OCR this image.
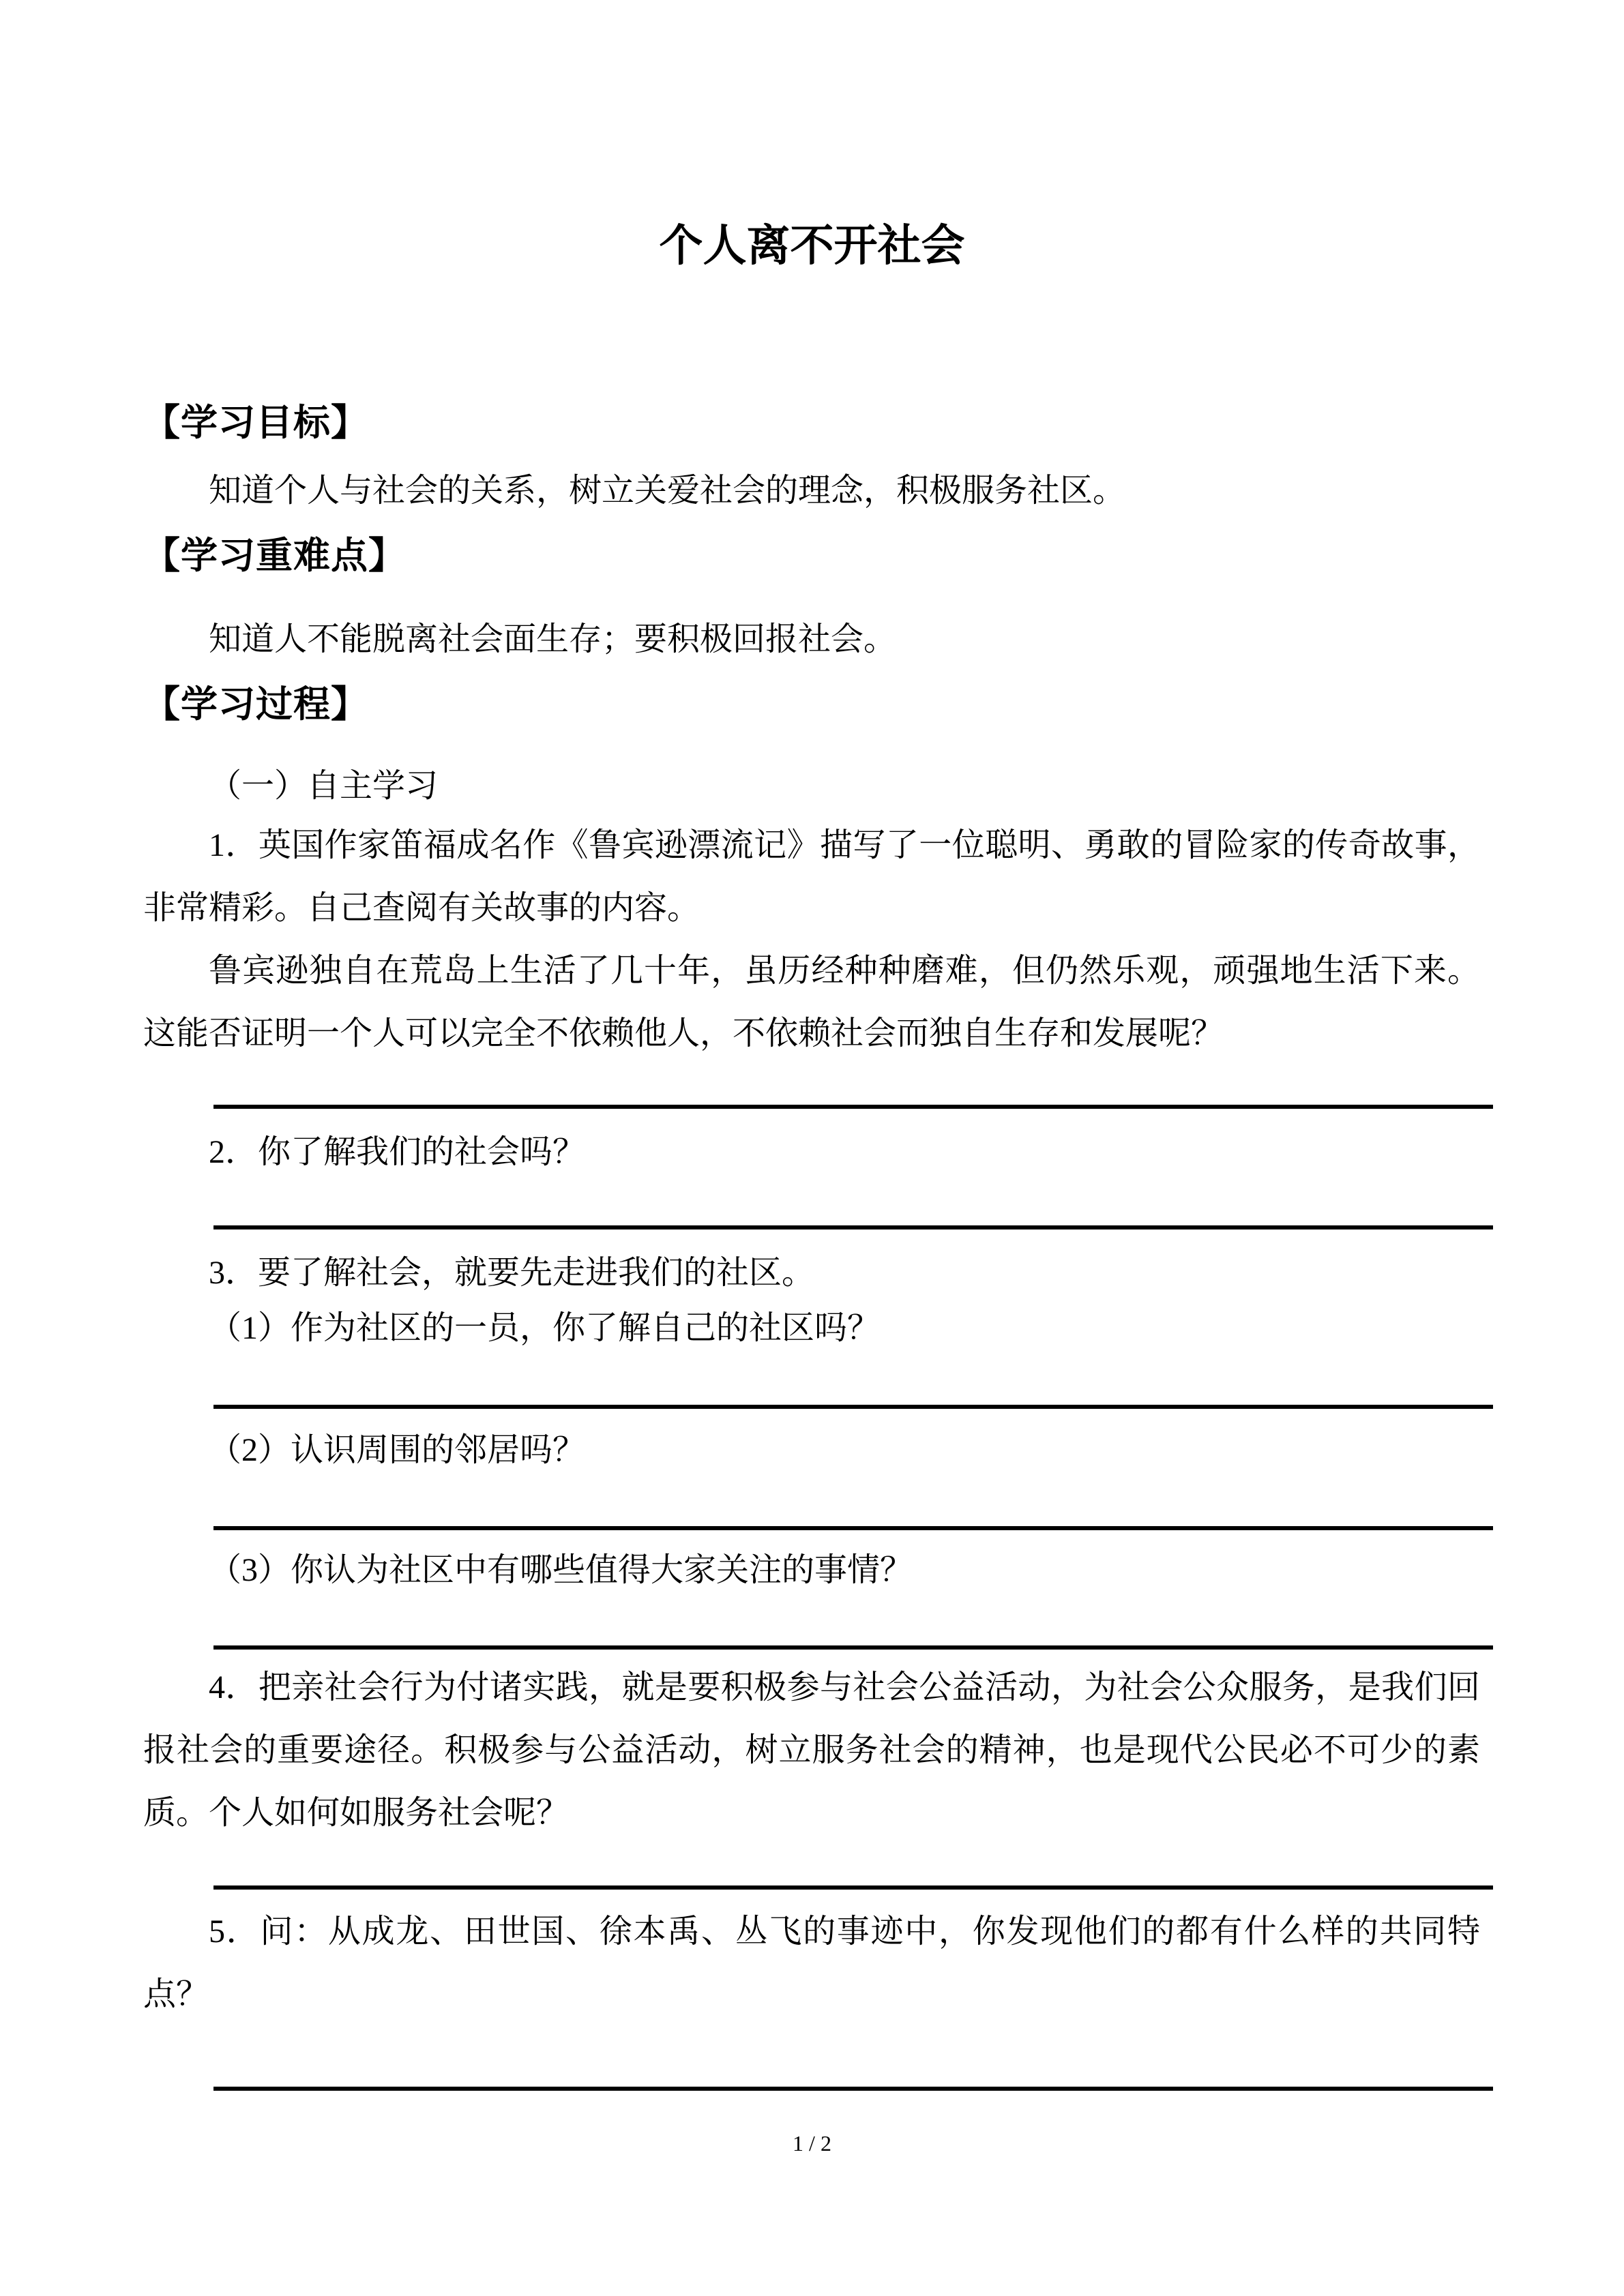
个人离不开社会
【学习目标】
知道个人与社会的关系，树立关爱社会的理念，积极服务社区。
【学习重难点】
知道人不能脱离社会面生存；要积极回报社会。
【学习过程】
（一）自主学习

1．英国作家笛福成名作《鲁宾逊漂流记》描写了一位聪明、勇敢的冒险家的传奇故事，非常精彩。自己查阅有关故事的内容。

鲁宾逊独自在荒岛上生活了几十年，虽历经种种磨难，但仍然乐观，顽强地生活下来。这能否证明一个人可以完全不依赖他人，不依赖社会而独自生存和发展呢？

2．你了解我们的社会吗？
3．要了解社会，就要先走进我们的社区。
（1）作为社区的一员，你了解自己的社区吗？
（2）认识周围的邻居吗？
（3）你认为社区中有哪些值得大家关注的事情？
4．把亲社会行为付诸实践，就是要积极参与社会公益活动，为社会公众服务，是我们回报社会的重要途径。积极参与公益活动，树立服务社会的精神，也是现代公民必不可少的素质。个人如何如服务社会呢？
5．问：从成龙、田世国、徐本禹、丛飞的事迹中，你发现他们的都有什么样的共同特点？
1 / 2
